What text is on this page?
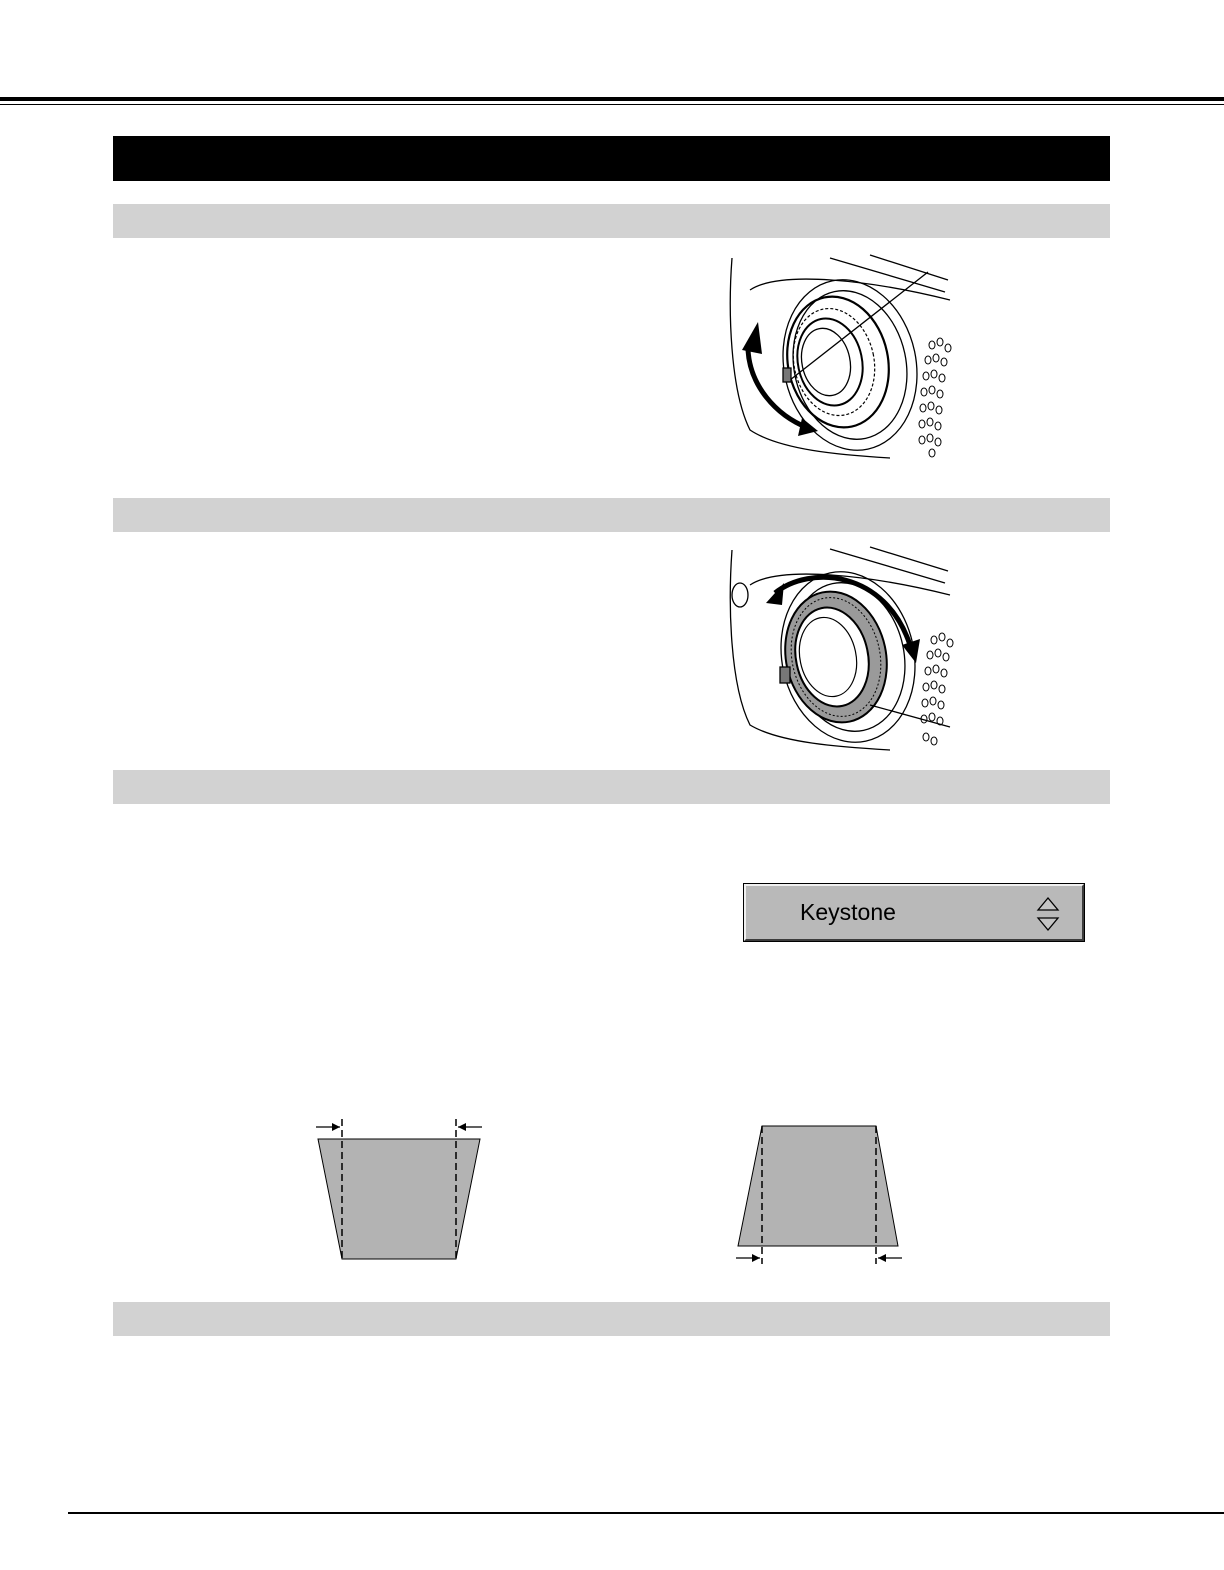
Keystone
